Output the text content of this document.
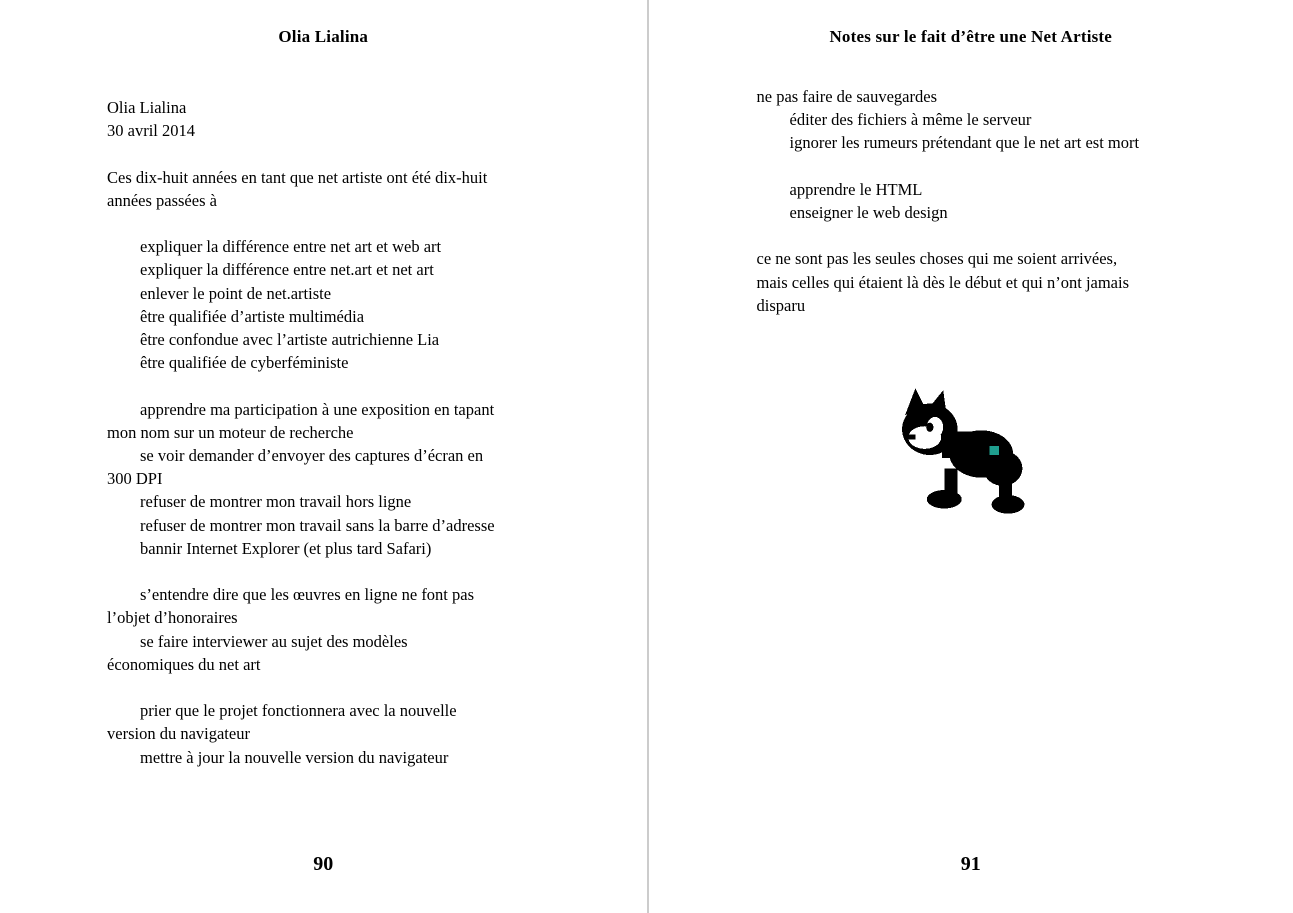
Olia Lialina
Olia Lialina
30 avril 2014

Ces dix-huit années en tant que net artiste ont été dix-huit
années passées à

expliquer la différence entre net art et web art
expliquer la différence entre net.art et net art
enlever le point de net.artiste
être qualifiée d’artiste multimédia
être confondue avec l’artiste autrichienne Lia
être qualifiée de cyberféministe

apprendre ma participation à une exposition en tapant
mon nom sur un moteur de recherche
se voir demander d’envoyer des captures d’écran en
300 DPI
refuser de montrer mon travail hors ligne
refuser de montrer mon travail sans la barre d’adresse
bannir Internet Explorer (et plus tard Safari)

s’entendre dire que les œuvres en ligne ne font pas
l’objet d’honoraires
se faire interviewer au sujet des modèles
économiques du net art

prier que le projet fonctionnera avec la nouvelle
version du navigateur
mettre à jour la nouvelle version du navigateur
90
Notes sur le fait d’être une Net Artiste
ne pas faire de sauvegardes
éditer des fichiers à même le serveur
ignorer les rumeurs prétendant que le net art est mort

apprendre le HTML
enseigner le web design

ce ne sont pas les seules choses qui me soient arrivées,
mais celles qui étaient là dès le début et qui n’ont jamais
disparu
91
